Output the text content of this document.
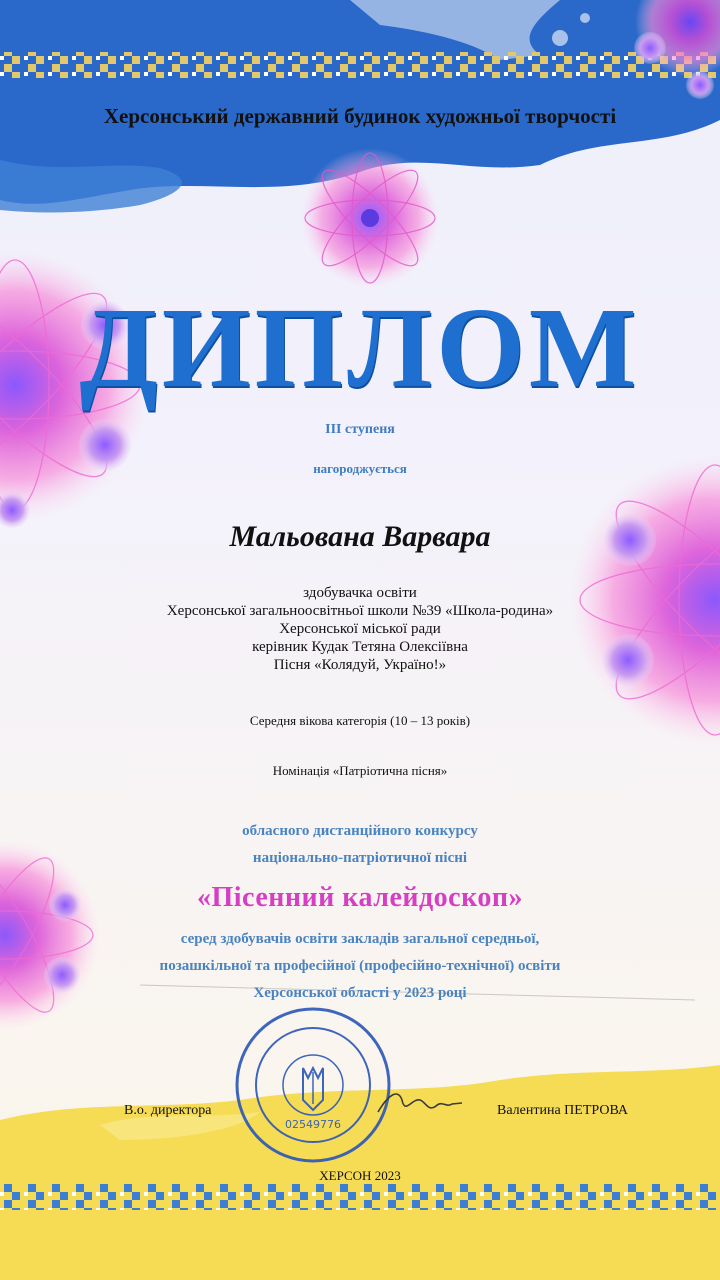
02549776
Херсонський державний будинок художньої творчості
ДИПЛОМ
ІІІ ступеня
нагороджується
Мальована Варвара
здобувачка освіти
Херсонської загальноосвітньої школи №39 «Школа-родина»
Херсонської міської ради
керівник Кудак Тетяна Олексіївна
Пісня «Колядуй, Україно!»
Середня вікова категорія (10 – 13 років)
Номінація «Патріотична пісня»
обласного дистанційного конкурсу
національно-патріотичної пісні
«Пісенний калейдоскоп»
серед здобувачів освіти закладів загальної середньої,
позашкільної та професійної (професійно-технічної) освіти
Херсонської області у 2023 році
В.о. директора	Валентина ПЕТРОВА
ХЕРСОН 2023
